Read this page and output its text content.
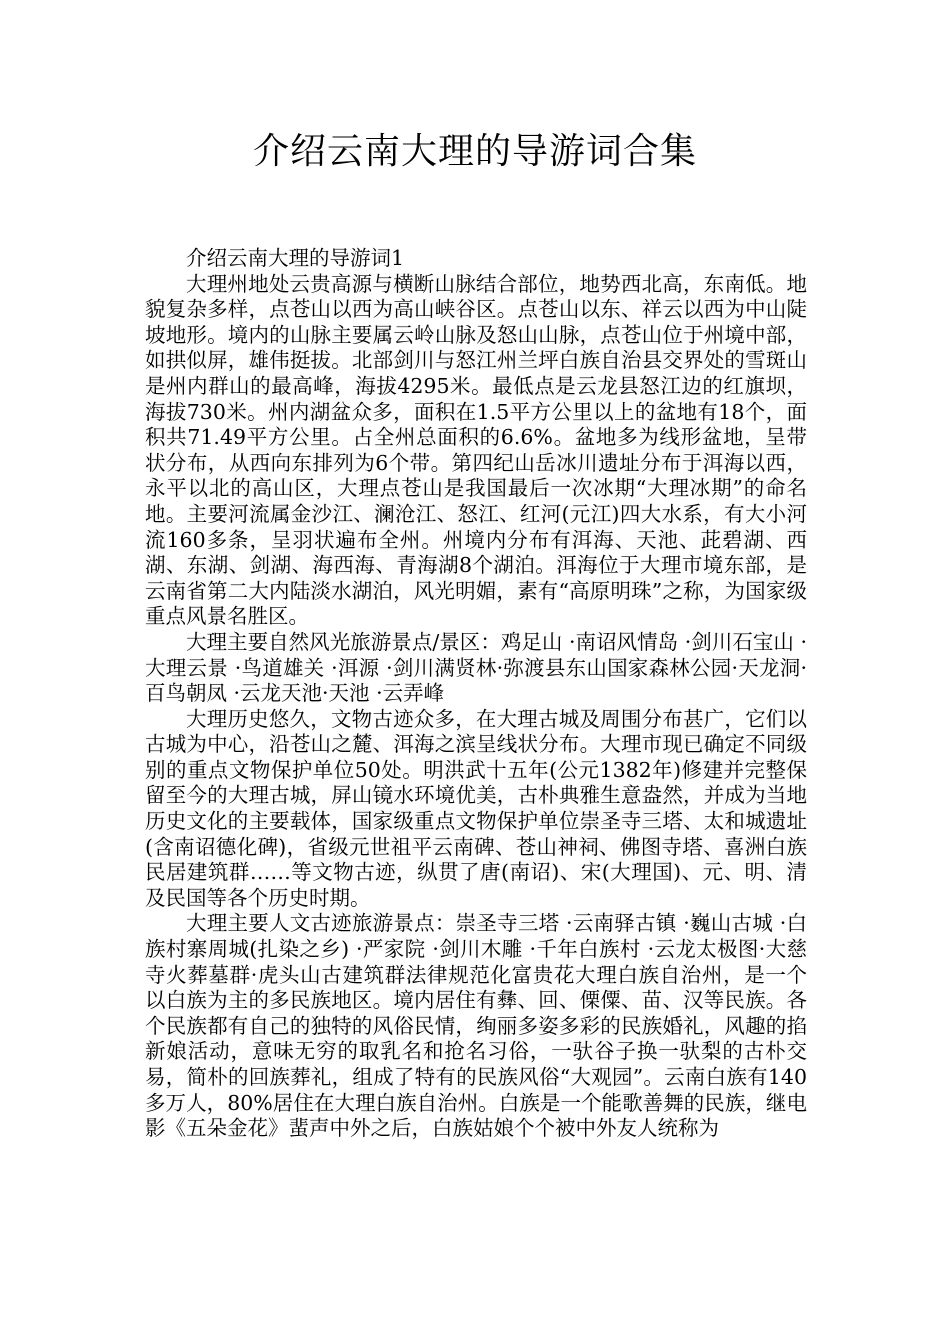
介绍云南大理的导游词合集

介绍云南大理的导游词1

大理州地处云贵高源与横断山脉结合部位，地势西北高，东南低。地貌复杂多样，点苍山以西为高山峡谷区。点苍山以东、祥云以西为中山陡坡地形。境内的山脉主要属云岭山脉及怒山山脉，点苍山位于州境中部，如拱似屏，雄伟挺拔。北部剑川与怒江州兰坪白族自治县交界处的雪斑山是州内群山的最高峰，海拔4295米。最低点是云龙县怒江边的红旗坝，海拔730米。州内湖盆众多，面积在1.5平方公里以上的盆地有18个，面积共71.49平方公里。占全州总面积的6.6%。盆地多为线形盆地，呈带状分布，从西向东排列为6个带。第四纪山岳冰川遗址分布于洱海以西，永平以北的高山区，大理点苍山是我国最后一次冰期“大理冰期”的命名地。主要河流属金沙江、澜沧江、怒江、红河(元江)四大水系，有大小河流160多条，呈羽状遍布全州。州境内分布有洱海、天池、茈碧湖、西湖、东湖、剑湖、海西海、青海湖8个湖泊。洱海位于大理市境东部，是云南省第二大内陆淡水湖泊，风光明媚，素有“高原明珠”之称，为国家级重点风景名胜区。

大理主要自然风光旅游景点/景区：鸡足山 ·南诏风情岛 ·剑川石宝山 ·大理云景 ·鸟道雄关 ·洱源 ·剑川满贤林·弥渡县东山国家森林公园·天龙洞·百鸟朝凤 ·云龙天池·天池 ·云弄峰

大理历史悠久，文物古迹众多，在大理古城及周围分布甚广，它们以古城为中心，沿苍山之麓、洱海之滨呈线状分布。大理市现已确定不同级别的重点文物保护单位50处。明洪武十五年(公元1382年)修建并完整保留至今的大理古城，屏山镜水环境优美，古朴典雅生意盎然，并成为当地历史文化的主要载体，国家级重点文物保护单位崇圣寺三塔、太和城遗址(含南诏德化碑)，省级元世祖平云南碑、苍山神祠、佛图寺塔、喜洲白族民居建筑群……等文物古迹，纵贯了唐(南诏)、宋(大理国)、元、明、清及民国等各个历史时期。

大理主要人文古迹旅游景点：崇圣寺三塔 ·云南驿古镇 ·巍山古城 ·白族村寨周城(扎染之乡) ·严家院 ·剑川木雕 ·千年白族村 ·云龙太极图·大慈寺火葬墓群·虎头山古建筑群法律规范化富贵花大理白族自治州，是一个以白族为主的多民族地区。境内居住有彝、回、傈僳、苗、汉等民族。各个民族都有自己的独特的风俗民情，绚丽多姿多彩的民族婚礼，风趣的掐新娘活动，意味无穷的取乳名和抢名习俗，一驮谷子换一驮梨的古朴交易，简朴的回族葬礼，组成了特有的民族风俗“大观园”。云南白族有140多万人，80%居住在大理白族自治州。白族是一个能歌善舞的民族，继电影《五朵金花》蜚声中外之后，白族姑娘个个被中外友人统称为
